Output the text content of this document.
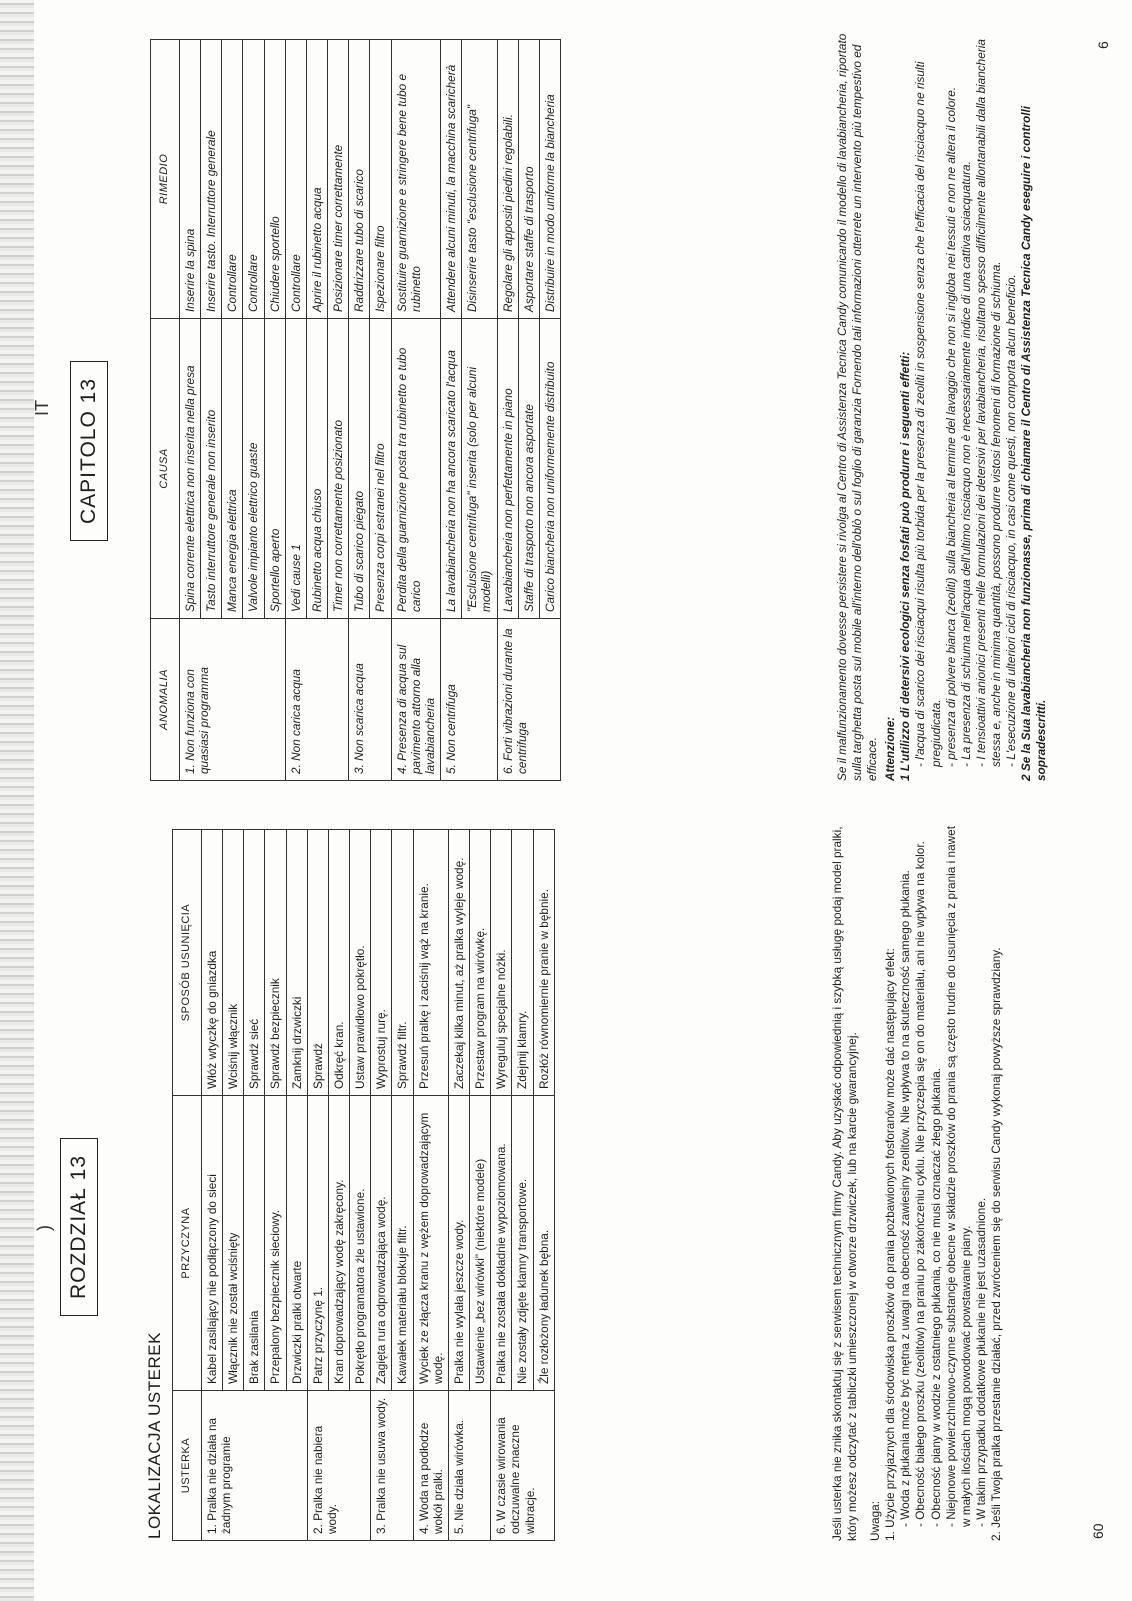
) ROZDZIAŁ 13
LOKALIZACJA USTEREK USTERKA	PRZYCZYNA	SPOSÓB USUNIĘCIA
1. Pralka nie działa na żadnym programie	Kabel zasilający nie podłączony do sieci	Włóż wtyczkę do gniazdka
	Włącznik nie został wciśnięty	Wciśnij włącznik
	Brak zasilania	Sprawdź sieć
	Przepalony bezpiecznik sieciowy.	Sprawdź bezpiecznik
	Drzwiczki pralki otwarte	Zamknij drzwiczki
2. Pralka nie nabiera wody.	Patrz przyczynę 1.	Sprawdź
	Kran doprowadzający wodę zakręcony.	Odkręć kran.
	Pokrętło programatora źle ustawione.	Ustaw prawidłowo pokrętło.
3. Pralka nie usuwa wody.	Zagięta rura odprowadzająca wodę.	Wyprostuj rurę.
	Kawałek materiału blokuje filtr.	Sprawdź filtr.
4. Woda na podłodze wokół pralki.	Wyciek ze złącza kranu z wężem doprowadzającym wodę.	Przesuń pralkę i zaciśnij wąż na kranie.
5. Nie działa wirówka.	Pralka nie wylała jeszcze wody.	Zaczekaj kilka minut, aż pralka wyleje wodę.
	Ustawienie „bez wirówki" (niektóre modele)	Przestaw program na wirówkę.
6. W czasie wirowania odczuwalne znaczne wibracje.	Pralka nie została dokładnie wypoziomowana.	Wyreguluj specjalne nóżki.
	Nie zostały zdjęte klamry transportowe.	Zdejmij klamry.
	Źle rozłożony ładunek bębna.	Rozłóż równomiernie pranie w bębnie.	Jeśli usterka nie znika skontaktuj się z serwisem technicznym firmy Candy. Aby uzyskać odpowiednią i szybką usługę podaj model pralki, który możesz odczytać z tabliczki umieszczonej w otworze drzwiczek, lub na karcie gwarancyjnej. Uwaga: 1. Użycie przyjaznych dla środowiska proszków do prania pozbawionych fosforanów może dać następujący efekt: - Woda z płukania może być mętna z uwagi na obecność zawiesiny zeolitów. Nie wpływa to na skuteczność samego płukania. - Obecność białego proszku (zeolitów) na praniu po zakończeniu cyklu. Nie przyczepia się on do materiału, ani nie wpływa na kolor. - Obecność piany w wodzie z ostatniego płukania, co nie musi oznaczać złego płukania. - Niejonowe powierzchniowo-czynne substancje obecne w składzie proszków do prania są często trudne do usunięcia z prania i nawet w małych ilościach mogą powodować powstawanie piany. - W takim przypadku dodatkowe płukanie nie jest uzasadnione. 2. Jeśli Twoja pralka przestanie działać, przed zwróceniem się do serwisu Candy wykonaj powyższe sprawdziany.	60
IT	CAPITOLO 13
ANOMALIA	CAUSA	RIMEDIO
1. Non funziona con quasiasi programma	Spina corrente elettrica non inserita nella presa	Inserire la spina
	Tasto interruttore generale non inserito	Inserire tasto. Interruttore generale
	Manca energia elettrica	Controllare
	Valvole impianto elettrico guaste	Controllare
	Sportello aperto	Chiudere sportello
2. Non carica acqua	Vedi cause 1	Controllare
	Rubinetto acqua chiuso	Aprire il rubinetto acqua
	Timer non correttamente posizionato	Posizionare timer correttamente
3. Non scarica acqua	Tubo di scarico piegato	Raddrizzare tubo di scarico
	Presenza corpi estranei nel filtro	Ispezionare filtro
4. Presenza di acqua sul pavimento attorno alla lavabiancheria	Perdita della guarnizione posta tra rubinetto e tubo carico	Sostituire guarnizione e stringere bene tubo e rubinetto
5. Non centrifuga	La lavabiancheria non ha ancora scaricato l'acqua	Attendere alcuni minuti, la macchina scaricherà
	"Esclusione centrifuga" inserita (solo per alcuni modelli)	Disinserire tasto "esclusione centrifuga"
6. Forti vibrazioni durante la centrifuga	Lavabiancheria non perfettamente in piano	Regolare gli appositi piedini regolabili.
	Staffe di trasporto non ancora asportate	Asportare staffe di trasporto
	Carico biancheria non uniformemente distribuito	Distribuire in modo uniforme la biancheria	Se il malfunzionamento dovesse persistere si rivolga al Centro di Assistenza Tecnica Candy comunicando il modello di lavabiancheria, riportato sulla targhetta posta sul mobile all'interno dell'oblò o sul foglio di garanzia Fornendo tali informazioni otterrete un intervento più tempestivo ed efficace. Attenzione: 1 L'utilizzo di detersivi ecologici senza fosfati può produrre i seguenti effetti: - l'acqua di scarico dei risciacqui risulta più torbida per la presenza di zeoliti in sospensione senza che l'efficacia del risciacquo ne risulti pregiudicata. - presenza di polvere bianca (zeoliti) sulla biancheria al termine del lavaggio che non si ingloba nei tessuti e non ne altera il colore. - La presenza di schiuma nell'acqua dell'ultimo risciacquo non è necessariamente indice di una cattiva sciacquatura. - I tensioattivi anionici presenti nelle formulazioni dei detersivi per lavabiancheria, risultano spesso difficilmente allontanabili dalla biancheria stessa e, anche in minima quantità, possono produrre vistosi fenomeni di formazione di schiuma. - L'esecuzione di ulteriori cicli di risciacquo, in casi come questi, non comporta alcun beneficio. 2 Se la Sua lavabiancheria non funzionasse, prima di chiamare il Centro di Assistenza Tecnica Candy eseguire i controlli sopradescritti.

6
